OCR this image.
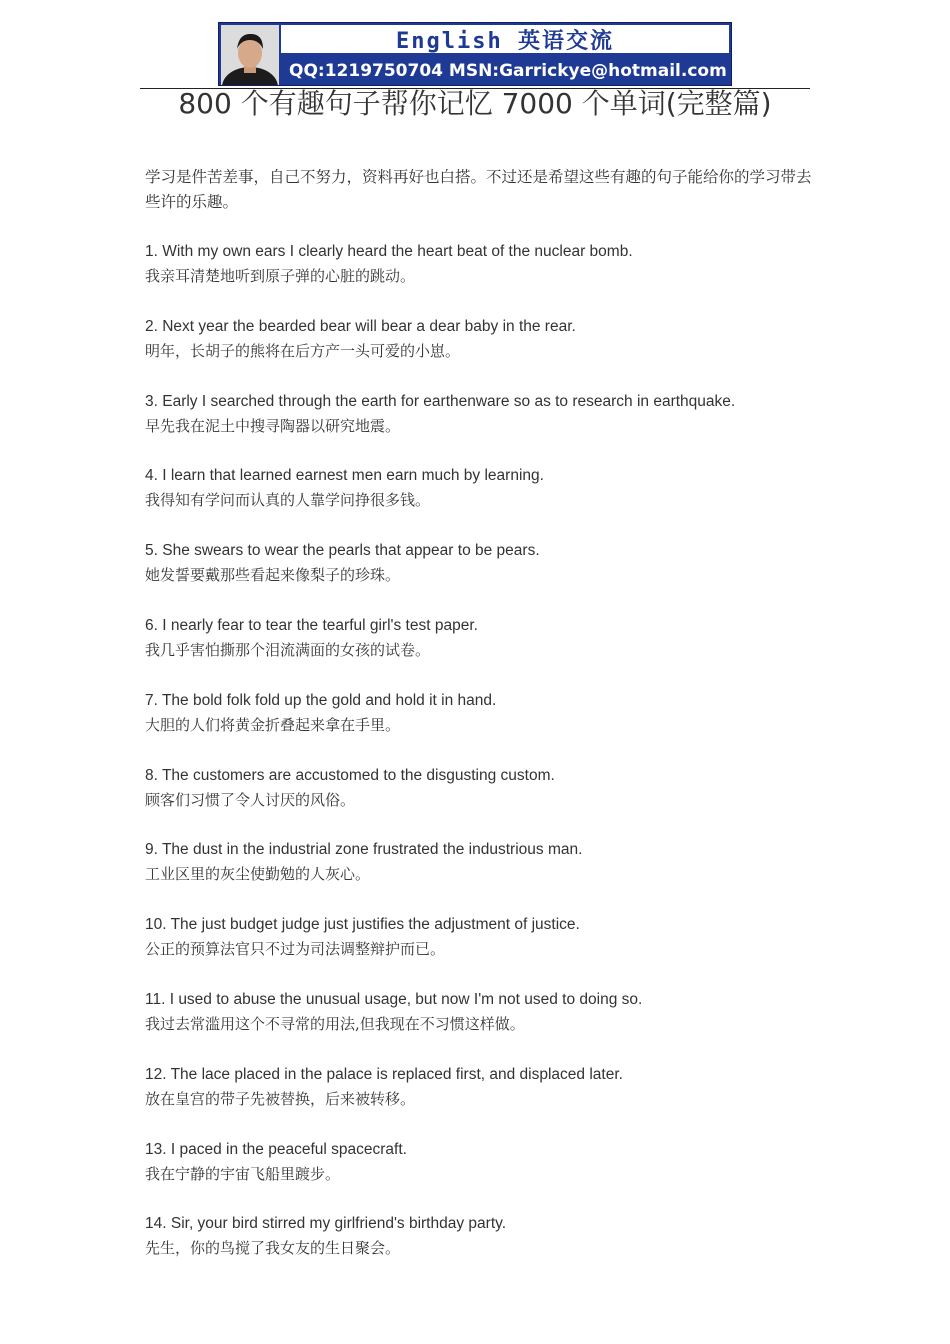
English 英语交流
QQ:1219750704 MSN:Garrickye@hotmail.com
800 个有趣句子帮你记忆 7000 个单词(完整篇)
学习是件苦差事，自己不努力，资料再好也白搭。不过还是希望这些有趣的句子能给你的学习带去些许的乐趣。
1. With my own ears I clearly heard the heart beat of the nuclear bomb.
我亲耳清楚地听到原子弹的心脏的跳动。
2. Next year the bearded bear will bear a dear baby in the rear.
明年，长胡子的熊将在后方产一头可爱的小崽。
3. Early I searched through the earth for earthenware so as to research in earthquake.
早先我在泥土中搜寻陶器以研究地震。
4. I learn that learned earnest men earn much by learning.
我得知有学问而认真的人靠学问挣很多钱。
5. She swears to wear the pearls that appear to be pears.
她发誓要戴那些看起来像梨子的珍珠。
6. I nearly fear to tear the tearful girl's test paper.
我几乎害怕撕那个泪流满面的女孩的试卷。
7. The bold folk fold up the gold and hold it in hand.
大胆的人们将黄金折叠起来拿在手里。
8. The customers are accustomed to the disgusting custom.
顾客们习惯了令人讨厌的风俗。
9. The dust in the industrial zone frustrated the industrious man.
工业区里的灰尘使勤勉的人灰心。
10. The just budget judge just justifies the adjustment of justice.
公正的预算法官只不过为司法调整辩护而已。
11. I used to abuse the unusual usage, but now I'm not used to doing so.
我过去常滥用这个不寻常的用法,但我现在不习惯这样做。
12. The lace placed in the palace is replaced first, and displaced later.
放在皇宫的带子先被替换，后来被转移。
13. I paced in the peaceful spacecraft.
我在宁静的宇宙飞船里踱步。
14. Sir, your bird stirred my girlfriend's birthday party.
先生，你的鸟搅了我女友的生日聚会。
